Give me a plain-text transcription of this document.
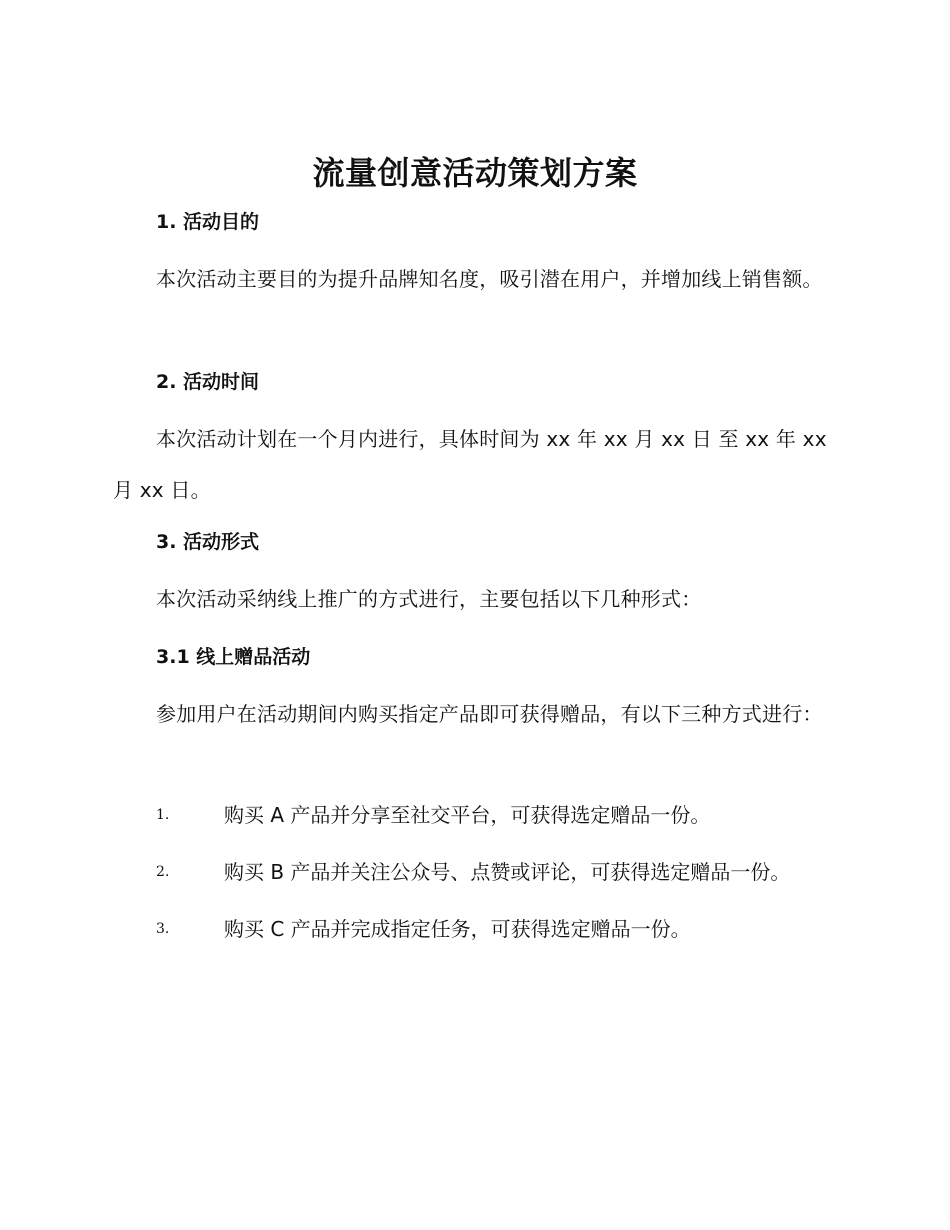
流量创意活动策划方案
1. 活动目的

本次活动主要目的为提升品牌知名度，吸引潜在用户，并增加线上销售额。

2. 活动时间

本次活动计划在一个月内进行，具体时间为 xx 年 xx 月 xx 日 至 xx 年 xx 月 xx 日。

3. 活动形式

本次活动采纳线上推广的方式进行，主要包括以下几种形式：

3.1 线上赠品活动

参加用户在活动期间内购买指定产品即可获得赠品，有以下三种方式进行：

1.	购买 A 产品并分享至社交平台，可获得选定赠品一份。
2.	购买 B 产品并关注公众号、点赞或评论，可获得选定赠品一份。
3.	购买 C 产品并完成指定任务，可获得选定赠品一份。
